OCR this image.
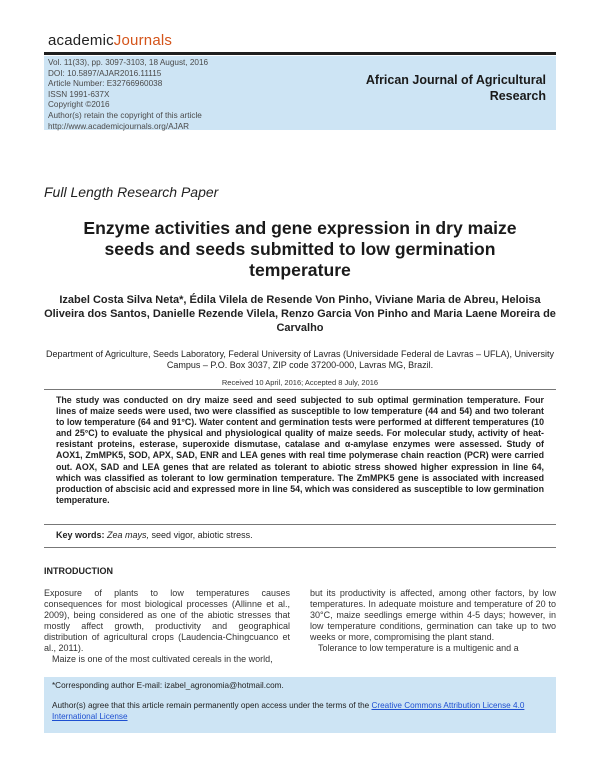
academicJournals
Vol. 11(33), pp. 3097-3103, 18 August, 2016
DOI: 10.5897/AJAR2016.11115
Article Number: E32766960038
ISSN 1991-637X
Copyright ©2016
Author(s) retain the copyright of this article
http://www.academicjournals.org/AJAR
African Journal of Agricultural Research
Full Length Research Paper
Enzyme activities and gene expression in dry maize seeds and seeds submitted to low germination temperature
Izabel Costa Silva Neta*, Édila Vilela de Resende Von Pinho, Viviane Maria de Abreu, Heloisa Oliveira dos Santos, Danielle Rezende Vilela, Renzo Garcia Von Pinho and Maria Laene Moreira de Carvalho
Department of Agriculture, Seeds Laboratory, Federal University of Lavras (Universidade Federal de Lavras – UFLA), University Campus – P.O. Box 3037, ZIP code 37200-000, Lavras MG, Brazil.
Received 10 April, 2016; Accepted 8 July, 2016
The study was conducted on dry maize seed and seed subjected to sub optimal germination temperature. Four lines of maize seeds were used, two were classified as susceptible to low temperature (44 and 54) and two tolerant to low temperature (64 and 91°C). Water content and germination tests were performed at different temperatures (10 and 25°C) to evaluate the physical and physiological quality of maize seeds. For molecular study, activity of heat-resistant proteins, esterase, superoxide dismutase, catalase and α-amylase enzymes were assessed. Study of AOX1, ZmMPK5, SOD, APX, SAD, ENR and LEA genes with real time polymerase chain reaction (PCR) were carried out. AOX, SAD and LEA genes that are related as tolerant to abiotic stress showed higher expression in line 64, which was classified as tolerant to low germination temperature. The ZmMPK5 gene is associated with increased production of abscisic acid and expressed more in line 54, which was considered as susceptible to low germination temperature.
Key words: Zea mays, seed vigor, abiotic stress.
INTRODUCTION

Exposure of plants to low temperatures causes consequences for most biological processes (Allinne et al., 2009), being considered as one of the abiotic stresses that mostly affect growth, productivity and geographical distribution of agricultural crops (Laudencia-Chingcuanco et al., 2011).

Maize is one of the most cultivated cereals in the world,

but its productivity is affected, among other factors, by low temperatures. In adequate moisture and temperature of 20 to 30°C, maize seedlings emerge within 4-5 days; however, in low temperature conditions, germination can take up to two weeks or more, compromising the plant stand.

Tolerance to low temperature is a multigenic and a

*Corresponding author E-mail: izabel_agronomia@hotmail.com.
Author(s) agree that this article remain permanently open access under the terms of the Creative Commons Attribution License 4.0 International License
